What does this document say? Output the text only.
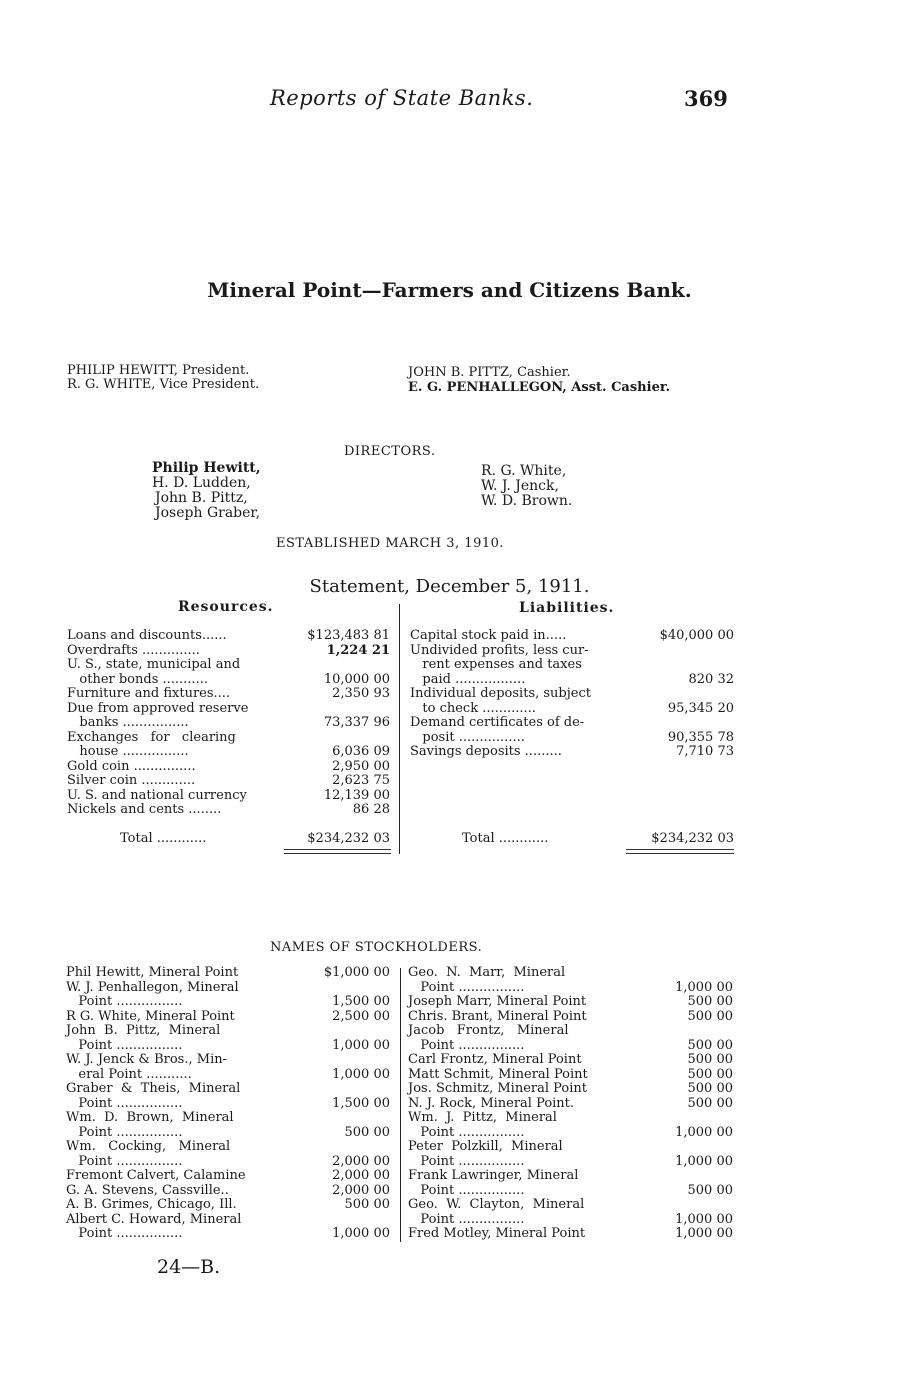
Reports of State Banks.	369
Mineral Point—Farmers and Citizens Bank.
PHILIP HEWITT, President.
R. G. WHITE, Vice President.
JOHN B. PITTZ, Cashier.
E. G. PENHALLEGON, Asst. Cashier.
DIRECTORS.
Philip Hewitt,
H. D. Ludden,
John B. Pittz,
Joseph Graber,
R. G. White,
W. J. Jenck,
W. D. Brown.
ESTABLISHED MARCH 3, 1910.
Statement, December 5, 1911.
Resources.	Liabilities.
Loans and discounts......	$123,483 81
Overdrafts ..............	1,224 21
U. S., state, municipal and
other bonds ...........	10,000 00
Furniture and fixtures....	2,350 93
Due from approved reserve
banks ................	73,337 96
Exchanges   for   clearing
house ................	6,036 09
Gold coin ...............	2,950 00
Silver coin .............	2,623 75
U. S. and national currency	12,139 00
Nickels and cents ........	86 28
Capital stock paid in.....	$40,000 00
Undivided profits, less cur-
rent expenses and taxes
paid .................	820 32
Individual deposits, subject
to check .............	95,345 20
Demand certificates of de-
posit ................	90,355 78
Savings deposits .........	7,710 73
Total ............	$234,232 03	Total ............	$234,232 03
NAMES OF STOCKHOLDERS.
Phil Hewitt, Mineral Point	$1,000 00
W. J. Penhallegon, Mineral
Point ................	1,500 00
R G. White, Mineral Point	2,500 00
John  B.  Pittz,  Mineral
Point ................	1,000 00
W. J. Jenck & Bros., Min-
eral Point ...........	1,000 00
Graber  &  Theis,  Mineral
Point ................	1,500 00
Wm.  D.  Brown,  Mineral
Point ................	500 00
Wm.   Cocking,   Mineral
Point ................	2,000 00
Fremont Calvert, Calamine	2,000 00
G. A. Stevens, Cassville..	2,000 00
A. B. Grimes, Chicago, Ill.	500 00
Albert C. Howard, Mineral
Point ................	1,000 00
Geo.  N.  Marr,  Mineral
Point ................	1,000 00
Joseph Marr, Mineral Point	500 00
Chris. Brant, Mineral Point	500 00
Jacob   Frontz,   Mineral
Point ................	500 00
Carl Frontz, Mineral Point	500 00
Matt Schmit, Mineral Point	500 00
Jos. Schmitz, Mineral Point	500 00
N. J. Rock, Mineral Point.	500 00
Wm.  J.  Pittz,  Mineral
Point ................	1,000 00
Peter  Polzkill,  Mineral
Point ................	1,000 00
Frank Lawringer, Mineral
Point ................	500 00
Geo.  W.  Clayton,  Mineral
Point ................	1,000 00
Fred Motley, Mineral Point	1,000 00
24—B.
